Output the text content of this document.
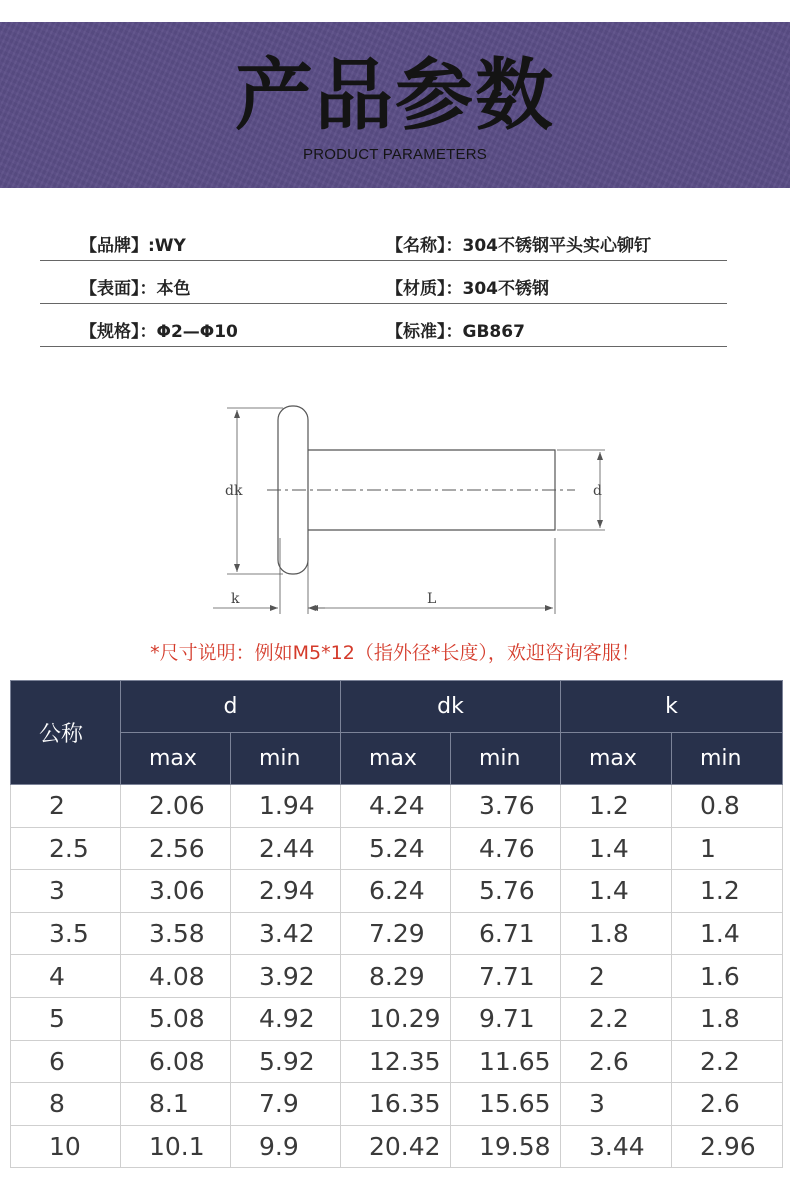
产品参数
PRODUCT PARAMETERS
【品牌】:WY	【名称】：304不锈钢平头实心铆钉
【表面】：本色	【材质】：304不锈钢
【规格】：Φ2—Φ10	【标准】：GB867
dk	d
k	L
*尺寸说明：例如M5*12（指外径*长度），欢迎咨询客服！
公称	d		dk		k	
	max	min	max	min	max	min
2	2.06	1.94	4.24	3.76	1.2	0.8
2.5	2.56	2.44	5.24	4.76	1.4	1
3	3.06	2.94	6.24	5.76	1.4	1.2
3.5	3.58	3.42	7.29	6.71	1.8	1.4
4	4.08	3.92	8.29	7.71	2	1.6
5	5.08	4.92	10.29	9.71	2.2	1.8
6	6.08	5.92	12.35	11.65	2.6	2.2
8	8.1	7.9	16.35	15.65	3	2.6
10	10.1	9.9	20.42	19.58	3.44	2.96
